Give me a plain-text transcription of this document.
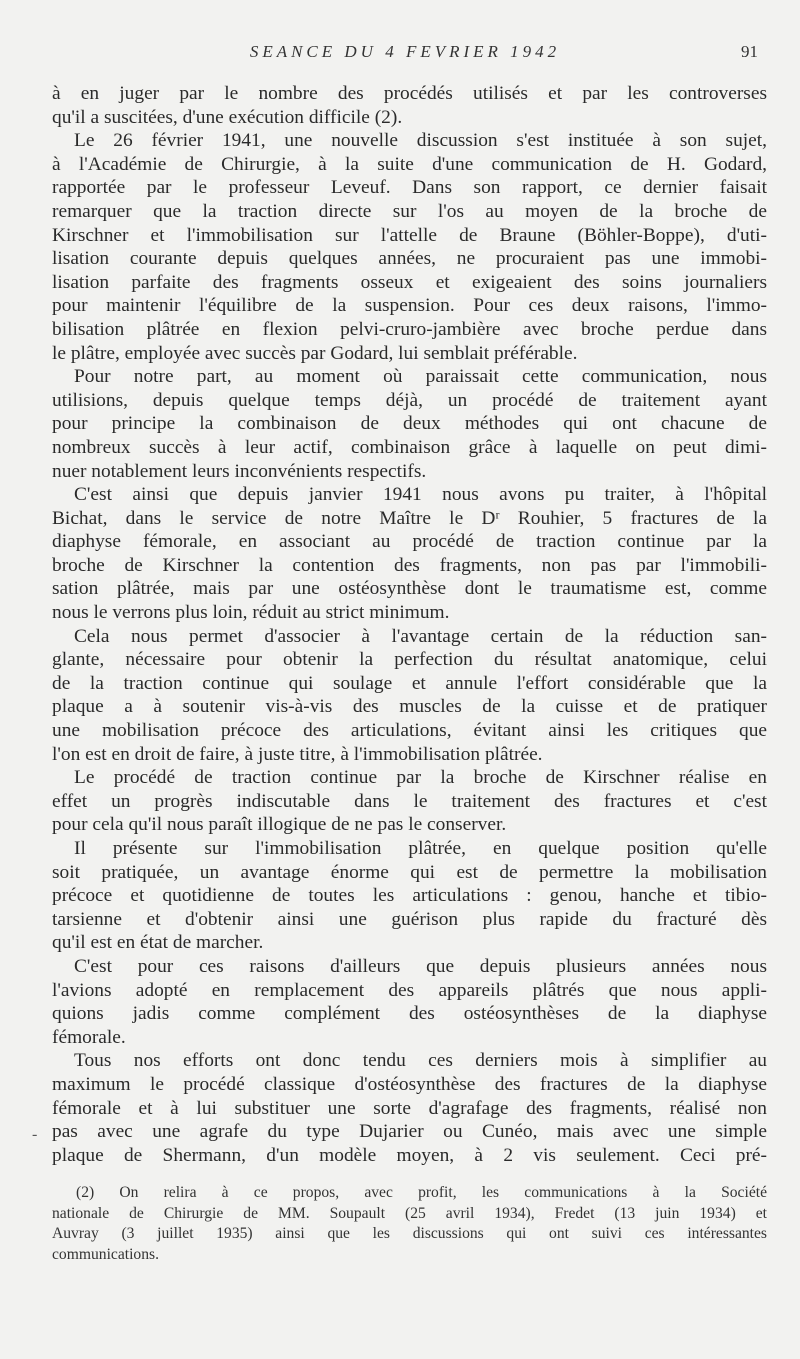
SEANCE DU 4 FEVRIER 1942	91
-
à en juger par le nombre des procédés utilisés et par les controverses
qu'il a suscitées, d'une exécution difficile (2).
Le 26 février 1941, une nouvelle discussion s'est instituée à son sujet,
à l'Académie de Chirurgie, à la suite d'une communication de H. Godard,
rapportée par le professeur Leveuf. Dans son rapport, ce dernier faisait
remarquer que la traction directe sur l'os au moyen de la broche de
Kirschner et l'immobilisation sur l'attelle de Braune (Böhler-Boppe), d'uti-
lisation courante depuis quelques années, ne procuraient pas une immobi-
lisation parfaite des fragments osseux et exigeaient des soins journaliers
pour maintenir l'équilibre de la suspension. Pour ces deux raisons, l'immo-
bilisation plâtrée en flexion pelvi-cruro-jambière avec broche perdue dans
le plâtre, employée avec succès par Godard, lui semblait préférable.
Pour notre part, au moment où paraissait cette communication, nous
utilisions, depuis quelque temps déjà, un procédé de traitement ayant
pour principe la combinaison de deux méthodes qui ont chacune de
nombreux succès à leur actif, combinaison grâce à laquelle on peut dimi-
nuer notablement leurs inconvénients respectifs.
C'est ainsi que depuis janvier 1941 nous avons pu traiter, à l'hôpital
Bichat, dans le service de notre Maître le Dʳ Rouhier, 5 fractures de la
diaphyse fémorale, en associant au procédé de traction continue par la
broche de Kirschner la contention des fragments, non pas par l'immobili-
sation plâtrée, mais par une ostéosynthèse dont le traumatisme est, comme
nous le verrons plus loin, réduit au strict minimum.
Cela nous permet d'associer à l'avantage certain de la réduction san-
glante, nécessaire pour obtenir la perfection du résultat anatomique, celui
de la traction continue qui soulage et annule l'effort considérable que la
plaque a à soutenir vis-à-vis des muscles de la cuisse et de pratiquer
une mobilisation précoce des articulations, évitant ainsi les critiques que
l'on est en droit de faire, à juste titre, à l'immobilisation plâtrée.
Le procédé de traction continue par la broche de Kirschner réalise en
effet un progrès indiscutable dans le traitement des fractures et c'est
pour cela qu'il nous paraît illogique de ne pas le conserver.
Il présente sur l'immobilisation plâtrée, en quelque position qu'elle
soit pratiquée, un avantage énorme qui est de permettre la mobilisation
précoce et quotidienne de toutes les articulations : genou, hanche et tibio-
tarsienne et d'obtenir ainsi une guérison plus rapide du fracturé dès
qu'il est en état de marcher.
C'est pour ces raisons d'ailleurs que depuis plusieurs années nous
l'avions adopté en remplacement des appareils plâtrés que nous appli-
quions jadis comme complément des ostéosynthèses de la diaphyse
fémorale.
Tous nos efforts ont donc tendu ces derniers mois à simplifier au
maximum le procédé classique d'ostéosynthèse des fractures de la diaphyse
fémorale et à lui substituer une sorte d'agrafage des fragments, réalisé non
pas avec une agrafe du type Dujarier ou Cunéo, mais avec une simple
plaque de Shermann, d'un modèle moyen, à 2 vis seulement. Ceci pré-
(2) On relira à ce propos, avec profit, les communications à la Société
nationale de Chirurgie de MM. Soupault (25 avril 1934), Fredet (13 juin 1934) et
Auvray (3 juillet 1935) ainsi que les discussions qui ont suivi ces intéressantes
communications.
